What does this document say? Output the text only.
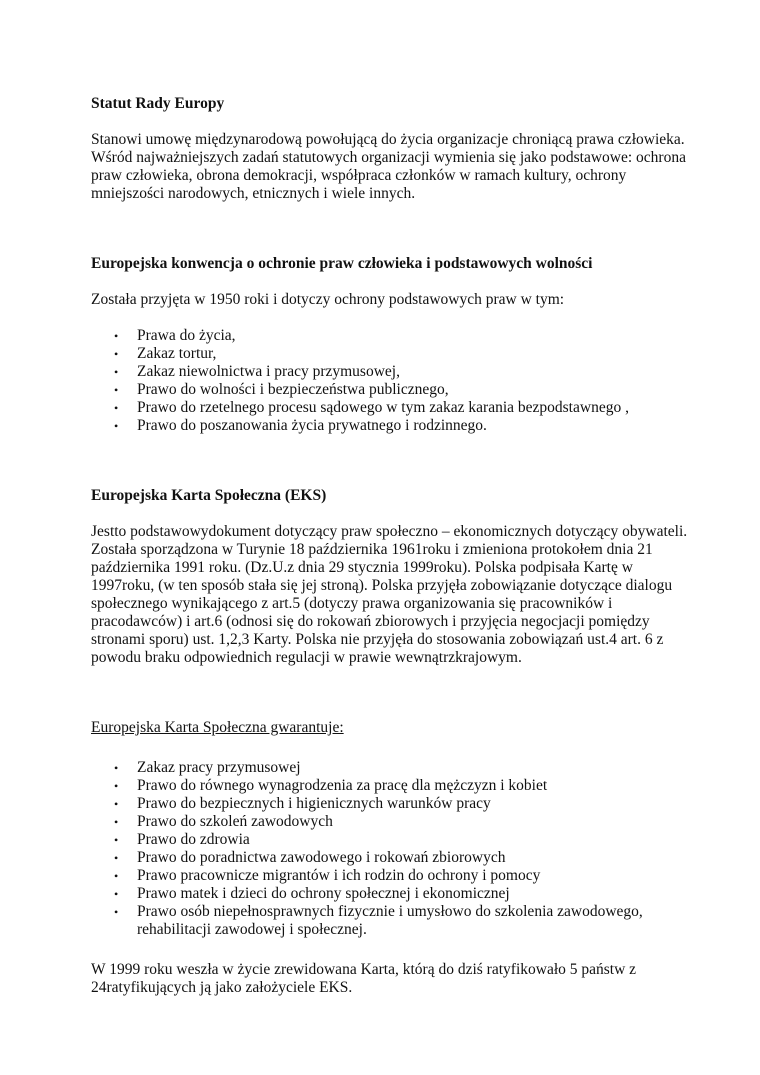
Statut Rady Europy

Stanowi umowę międzynarodową powołującą do życia organizacje chroniącą prawa człowieka. Wśród najważniejszych zadań statutowych organizacji wymienia się jako podstawowe: ochrona praw człowieka, obrona demokracji, współpraca członków w ramach kultury, ochrony mniejszości narodowych, etnicznych i wiele innych.

Europejska konwencja o ochronie praw człowieka i podstawowych wolności

Została przyjęta w 1950 roki i dotyczy ochrony podstawowych praw w tym:

• Prawa do życia,
• Zakaz tortur,
• Zakaz niewolnictwa i pracy przymusowej,
• Prawo do wolności i bezpieczeństwa publicznego,
• Prawo do rzetelnego procesu sądowego w tym zakaz karania bezpodstawnego ,
• Prawo do poszanowania życia prywatnego i rodzinnego.

Europejska Karta Społeczna (EKS)

Jestto podstawowydokument dotyczący praw społeczno – ekonomicznych dotyczący obywateli. Została sporządzona w Turynie 18 października 1961roku i zmieniona protokołem dnia 21 października 1991 roku. (Dz.U.z dnia 29 stycznia 1999roku). Polska podpisała Kartę w 1997roku, (w ten sposób stała się jej stroną). Polska przyjęła zobowiązanie dotyczące dialogu społecznego wynikającego z art.5 (dotyczy prawa organizowania się pracowników i pracodawców) i art.6 (odnosi się do rokowań zbiorowych i przyjęcia negocjacji pomiędzy stronami sporu) ust. 1,2,3 Karty. Polska nie przyjęła do stosowania zobowiązań ust.4 art. 6 z powodu braku odpowiednich regulacji w prawie wewnątrzkrajowym.

Europejska Karta Społeczna gwarantuje:

• Zakaz pracy przymusowej
• Prawo do równego wynagrodzenia za pracę dla mężczyzn i kobiet
• Prawo do bezpiecznych i higienicznych warunków pracy
• Prawo do szkoleń zawodowych
• Prawo do zdrowia
• Prawo do poradnictwa zawodowego i rokowań zbiorowych
• Prawo pracownicze migrantów i ich rodzin do ochrony i pomocy
• Prawo matek i dzieci do ochrony społecznej i ekonomicznej
• Prawo osób niepełnosprawnych fizycznie i umysłowo do szkolenia zawodowego, rehabilitacji zawodowej i społecznej.

W 1999 roku weszła w życie zrewidowana Karta, którą do dziś ratyfikowało 5 państw z 24ratyfikujących ją jako założyciele EKS.
